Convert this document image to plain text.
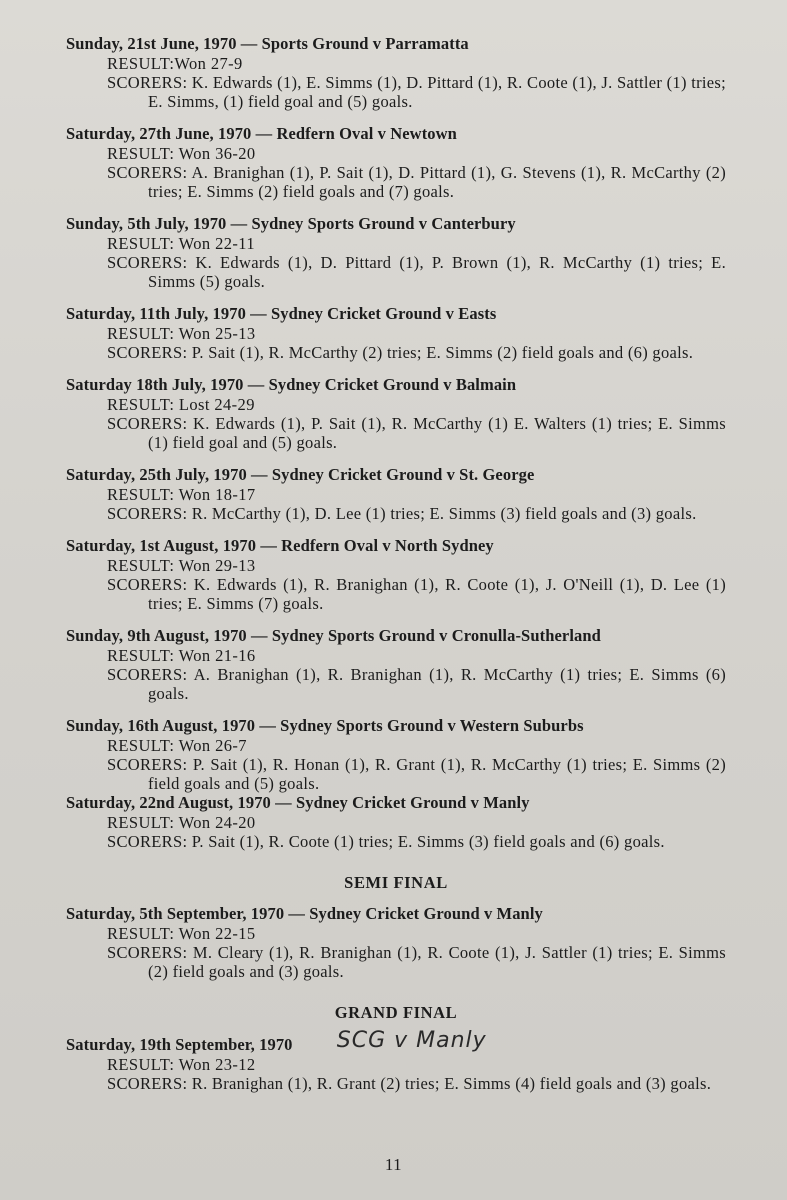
Sunday, 21st June, 1970 — Sports Ground v Parramatta
RESULT:Won 27-9

SCORERS: K. Edwards (1), E. Simms (1), D. Pittard (1), R. Coote (1), J. Sattler (1) tries; E. Simms, (1) field goal and (5) goals.

Saturday, 27th June, 1970 — Redfern Oval v Newtown
RESULT: Won 36-20

SCORERS: A. Branighan (1), P. Sait (1), D. Pittard (1), G. Stevens (1), R. McCarthy (2) tries; E. Simms (2) field goals and (7) goals.

Sunday, 5th July, 1970 — Sydney Sports Ground v Canterbury
RESULT: Won 22-11

SCORERS: K. Edwards (1), D. Pittard (1), P. Brown (1), R. McCarthy (1) tries; E. Simms (5) goals.

Saturday, 11th July, 1970 — Sydney Cricket Ground v Easts
RESULT: Won 25-13

SCORERS: P. Sait (1), R. McCarthy (2) tries; E. Simms (2) field goals and (6) goals.

Saturday 18th July, 1970 — Sydney Cricket Ground v Balmain
RESULT: Lost 24-29

SCORERS: K. Edwards (1), P. Sait (1), R. McCarthy (1) E. Walters (1) tries; E. Simms (1) field goal and (5) goals.

Saturday, 25th July, 1970 — Sydney Cricket Ground v St. George
RESULT: Won 18-17

SCORERS: R. McCarthy (1), D. Lee (1) tries; E. Simms (3) field goals and (3) goals.

Saturday, 1st August, 1970 — Redfern Oval v North Sydney
RESULT: Won 29-13

SCORERS: K. Edwards (1), R. Branighan (1), R. Coote (1), J. O'Neill (1), D. Lee (1) tries; E. Simms (7) goals.

Sunday, 9th August, 1970 — Sydney Sports Ground v Cronulla-Sutherland
RESULT: Won 21-16

SCORERS: A. Branighan (1), R. Branighan (1), R. McCarthy (1) tries; E. Simms (6) goals.

Sunday, 16th August, 1970 — Sydney Sports Ground v Western Suburbs
RESULT: Won 26-7

SCORERS: P. Sait (1), R. Honan (1), R. Grant (1), R. McCarthy (1) tries; E. Simms (2) field goals and (5) goals.

Saturday, 22nd August, 1970 — Sydney Cricket Ground v Manly
RESULT: Won 24-20

SCORERS: P. Sait (1), R. Coote (1) tries; E. Simms (3) field goals and (6) goals.

SEMI FINAL
Saturday, 5th September, 1970 — Sydney Cricket Ground v Manly
RESULT: Won 22-15

SCORERS: M. Cleary (1), R. Branighan (1), R. Coote (1), J. Sattler (1) tries; E. Simms (2) field goals and (3) goals.

GRAND FINAL
Saturday, 19th September, 1970 SCG v Manly
RESULT: Won 23-12

SCORERS: R. Branighan (1), R. Grant (2) tries; E. Simms (4) field goals and (3) goals.

11
